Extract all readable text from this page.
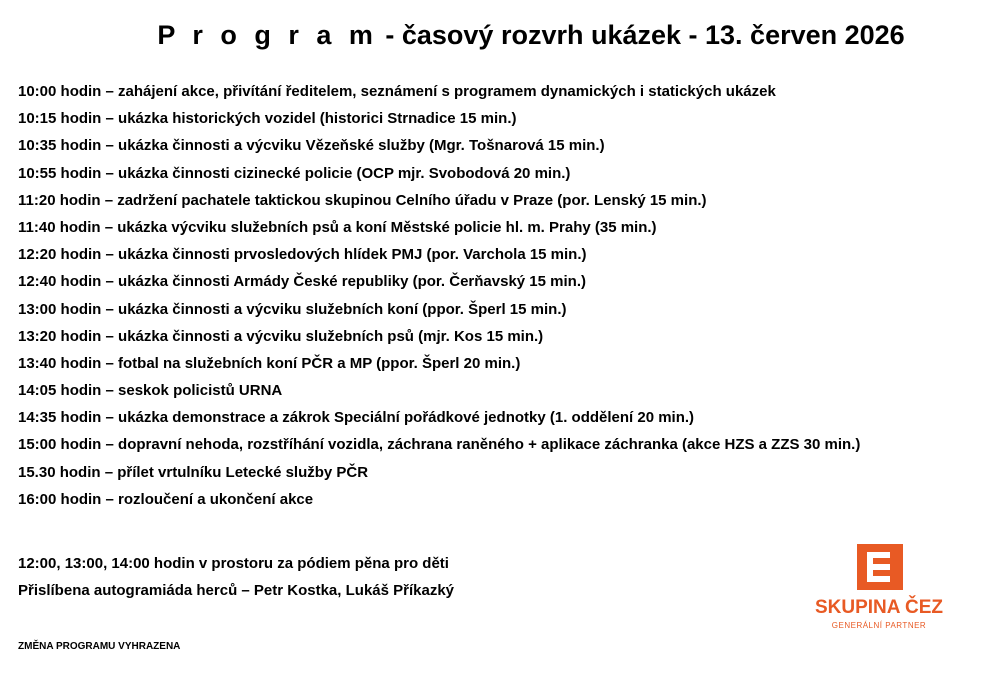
P r o g r a m - časový rozvrh ukázek - 13. červen 2026
10:00 hodin – zahájení akce, přivítání ředitelem, seznámení s programem dynamických i statických ukázek
10:15 hodin – ukázka historických vozidel (historici Strnadice 15 min.)
10:35 hodin – ukázka činnosti a výcviku Vězeňské služby (Mgr. Tošnarová 15 min.)
10:55 hodin – ukázka činnosti cizinecké policie (OCP mjr. Svobodová 20 min.)
11:20 hodin – zadržení pachatele taktickou skupinou Celního úřadu v Praze (por. Lenský 15 min.)
11:40 hodin – ukázka výcviku služebních psů a koní Městské policie hl. m. Prahy (35 min.)
12:20 hodin – ukázka činnosti prvosledových hlídek PMJ (por. Varchola 15 min.)
12:40 hodin – ukázka činnosti Armády České republiky (por. Čerňavský 15 min.)
13:00 hodin – ukázka činnosti a výcviku služebních koní (ppor. Šperl 15 min.)
13:20 hodin – ukázka činnosti a výcviku služebních psů (mjr. Kos 15 min.)
13:40 hodin – fotbal na služebních koní PČR a MP (ppor. Šperl 20 min.)
14:05 hodin – seskok policistů URNA
14:35 hodin – ukázka demonstrace a zákrok Speciální pořádkové jednotky (1. oddělení 20 min.)
15:00 hodin – dopravní nehoda, rozstříhání vozidla, záchrana raněného + aplikace záchranka (akce HZS a ZZS 30 min.)
15.30 hodin – přílet vrtulníku Letecké služby PČR
16:00 hodin – rozloučení a ukončení akce
12:00, 13:00, 14:00 hodin v prostoru za pódiem pěna pro děti
Přislíbena autogramiáda herců – Petr Kostka, Lukáš Příkazký
ZMĚNA PROGRAMU VYHRAZENA
SKUPINA ČEZ
GENERÁLNÍ PARTNER
